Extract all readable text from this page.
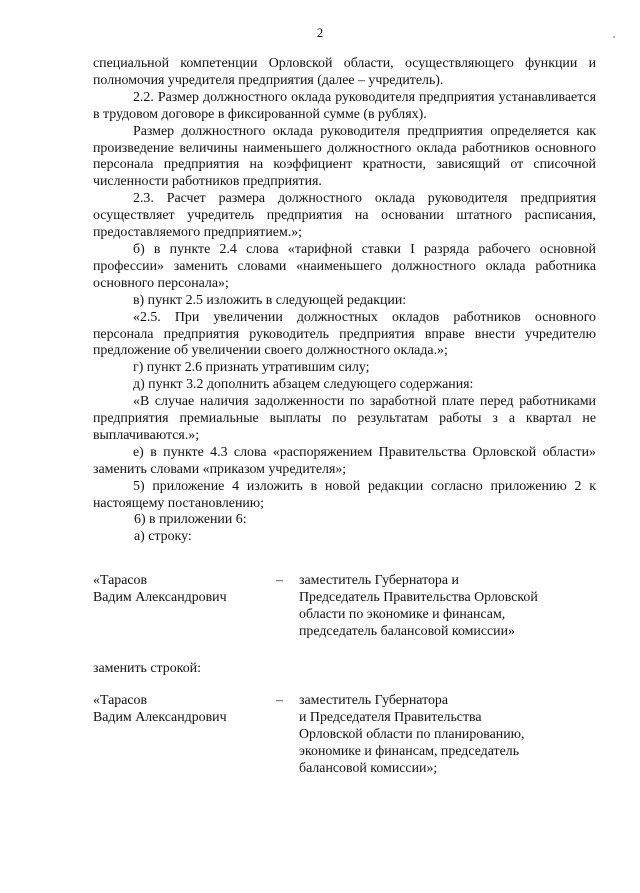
2

специальной компетенции Орловской области, осуществляющего функции и полномочия учредителя предприятия (далее – учредитель).

2.2. Размер должностного оклада руководителя предприятия устанавливается в трудовом договоре в фиксированной сумме (в рублях).

Размер должностного оклада руководителя предприятия определяется как произведение величины наименьшего должностного оклада работников основного персонала предприятия на коэффициент кратности, зависящий от списочной численности работников предприятия.

2.3. Расчет размера должностного оклада руководителя предприятия осуществляет учредитель предприятия на основании штатного расписания, предоставляемого предприятием.»;

б) в пункте 2.4 слова «тарифной ставки I разряда рабочего основной профессии» заменить словами «наименьшего должностного оклада работника основного персонала»;

в) пункт 2.5 изложить в следующей редакции:

«2.5. При увеличении должностных окладов работников основного персонала предприятия руководитель предприятия вправе внести учредителю предложение об увеличении своего должностного оклада.»;

г) пункт 2.6 признать утратившим силу;

д) пункт 3.2 дополнить абзацем следующего содержания:

«В случае наличия задолженности по заработной плате перед работниками предприятия премиальные выплаты по результатам работы з а квартал не выплачиваются.»;

е) в пункте 4.3 слова «распоряжением Правительства Орловской области» заменить словами «приказом учредителя»;

5) приложение 4 изложить в новой редакции согласно приложению 2 к настоящему постановлению;

6) в приложении 6:

а) строку:

«Тарасов
Вадим Александрович
– заместитель Губернатора и
Председатель Правительства Орловской
области по экономике и финансам,
председатель балансовой комиссии»
заменить строкой:
«Тарасов
Вадим Александрович
– заместитель Губернатора
и Председателя Правительства
Орловской области по планированию,
экономике и финансам, председатель
балансовой комиссии»;
